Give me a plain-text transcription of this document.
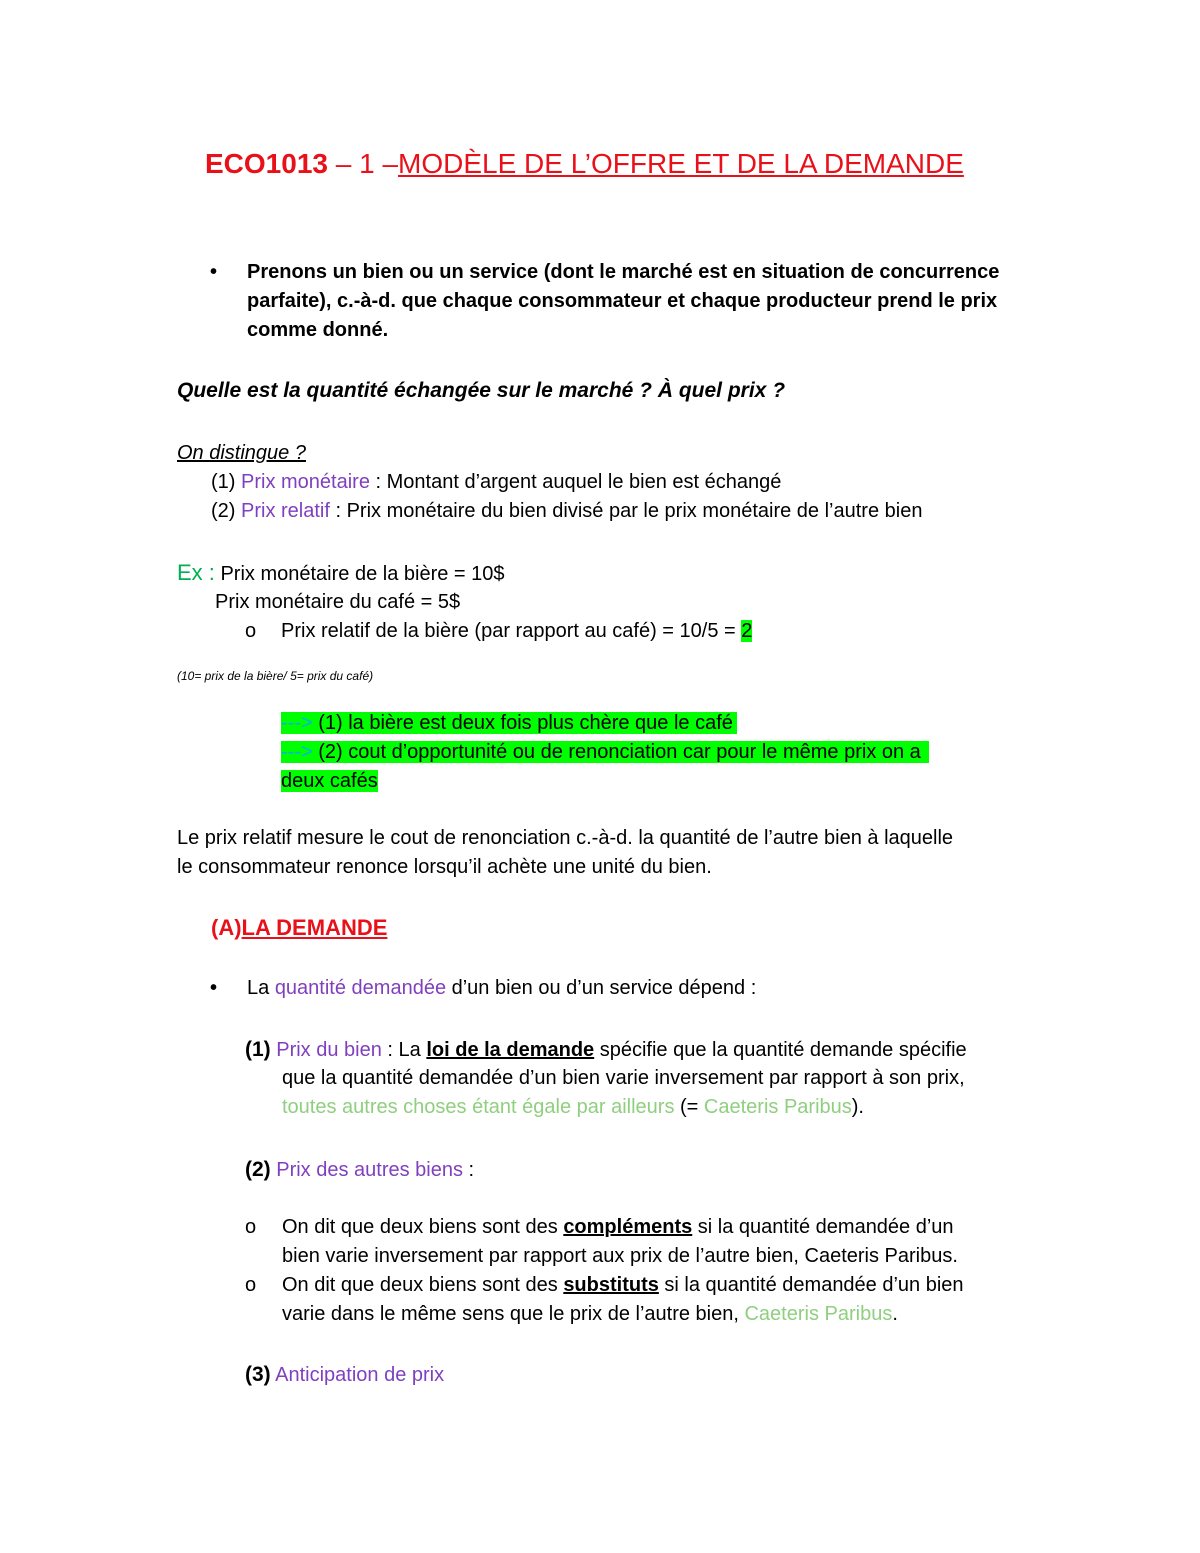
ECO1013 – 1 –MODÈLE DE L’OFFRE ET DE LA DEMANDE
• Prenons un bien ou un service (dont le marché est en situation de concurrence
parfaite), c.-à-d. que chaque consommateur et chaque producteur prend le prix
comme donné.
Quelle est la quantité échangée sur le marché ? À quel prix ?
On distingue ?
(1) Prix monétaire : Montant d’argent auquel le bien est échangé
(2) Prix relatif : Prix monétaire du bien divisé par le prix monétaire de l’autre bien
Ex : Prix monétaire de la bière = 10$
Prix monétaire du café = 5$
o Prix relatif de la bière (par rapport au café) = 10/5 = 2
(10= prix de la bière/ 5= prix du café)
---> (1) la bière est deux fois plus chère que le café
---> (2) cout d’opportunité ou de renonciation car pour le même prix on a
deux cafés
Le prix relatif mesure le cout de renonciation c.-à-d. la quantité de l’autre bien à laquelle
le consommateur renonce lorsqu’il achète une unité du bien.
(A)LA DEMANDE
• La quantité demandée d’un bien ou d’un service dépend :
(1) Prix du bien : La loi de la demande spécifie que la quantité demande spécifie
que la quantité demandée d’un bien varie inversement par rapport à son prix,
toutes autres choses étant égale par ailleurs (= Caeteris Paribus).
(2) Prix des autres biens :
o On dit que deux biens sont des compléments si la quantité demandée d’un
bien varie inversement par rapport aux prix de l’autre bien, Caeteris Paribus.
o On dit que deux biens sont des substituts si la quantité demandée d’un bien
varie dans le même sens que le prix de l’autre bien, Caeteris Paribus.
(3) Anticipation de prix
